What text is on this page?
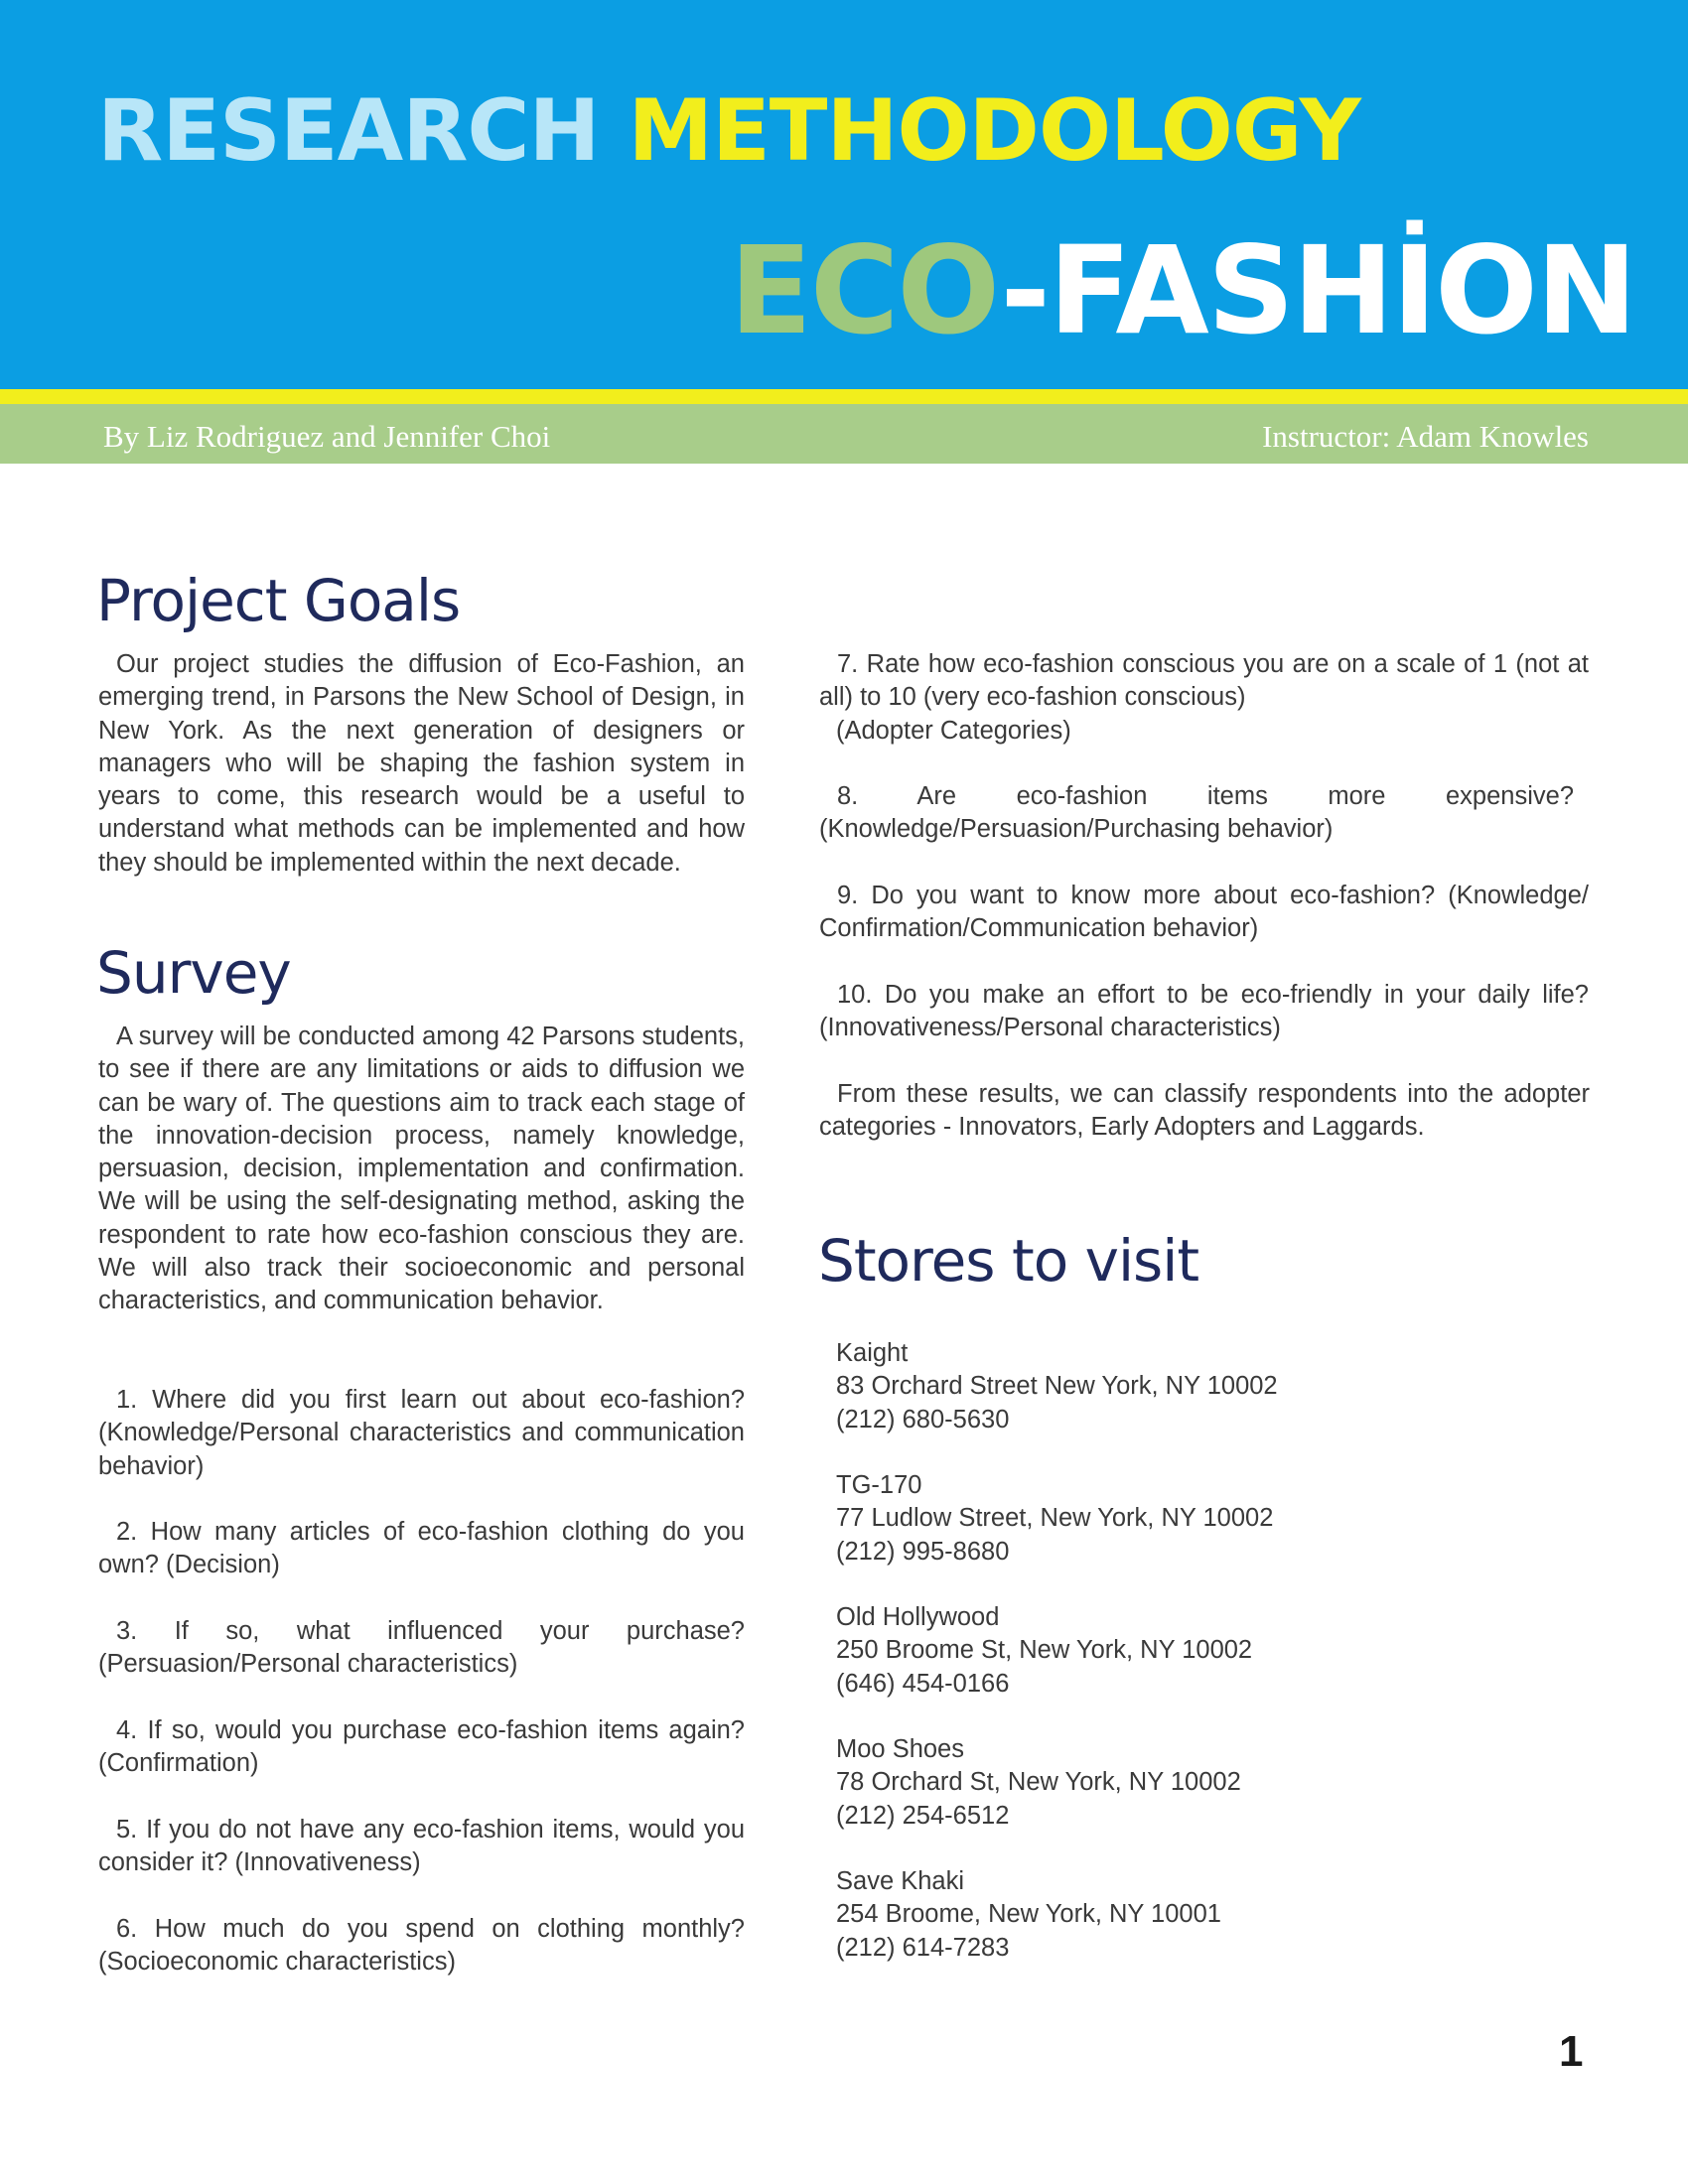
RESEARCH METHODOLOGY
ECO-FASHİON
By Liz Rodriguez and Jennifer Choi	Instructor: Adam Knowles
Project Goals

Our project studies the diffusion of Eco-Fashion, an emerging trend, in Parsons the New School of Design, in New York. As the next generation of designers or managers who will be shaping the fashion system in years to come, this research would be a useful to understand what methods can be implemented and how they should be implemented within the next decade.

Survey

A survey will be conducted among 42 Parsons students, to see if there are any limitations or aids to diffusion we can be wary of. The questions aim to track each stage of the innovation-decision process, namely knowledge, persuasion, decision, implementation and confirmation. We will be using the self-designating method, asking the respondent to rate how eco-fashion conscious they are. We will also track their socioeconomic and personal characteristics, and communication behavior.

1. Where did you first learn out about eco-fashion? (Knowledge/Personal characteristics and communication behavior)

2. How many articles of eco-fashion clothing do you own? (Decision)

3. If so, what influenced your purchase? (Persuasion/Personal characteristics)

4. If so, would you purchase eco-fashion items again? (Confirmation)

5. If you do not have any eco-fashion items, would you consider it? (Innovativeness)

6. How much do you spend on clothing monthly? (Socioeconomic characteristics)

7. Rate how eco-fashion conscious you are on a scale of 1 (not at all) to 10 (very eco-fashion conscious)

(Adopter Categories)

8. Are eco-fashion items more expensive? (Knowledge/Persuasion/Purchasing behavior)

9. Do you want to know more about eco-fashion? (Knowledge/ Confirmation/Communication behavior)

10. Do you make an effort to be eco-friendly in your daily life? (Innovativeness/Personal characteristics)

From these results, we can classify respondents into the adopter categories - Innovators, Early Adopters and Laggards.

Stores to visit
Kaight
83 Orchard Street New York, NY 10002
(212) 680-5630
TG-170
77 Ludlow Street, New York, NY 10002
(212) 995-8680
Old Hollywood
250 Broome St, New York, NY 10002
(646) 454-0166
Moo Shoes
78 Orchard St, New York, NY 10002
(212) 254-6512
Save Khaki
254 Broome, New York, NY 10001
(212) 614-7283
1
